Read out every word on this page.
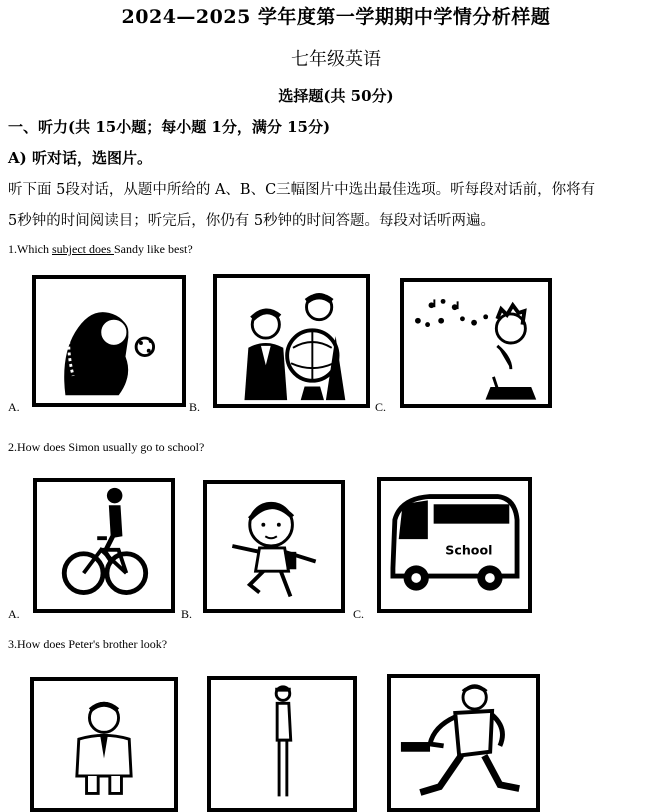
2024—2025 学年度第一学期期中学情分析样题
七年级英语
选择题(共 50分)
一、听力(共 15小题；每小题 1分，满分 15分)
A) 听对话，选图片。
听下面 5段对话，从题中所给的 A、B、C三幅图片中选出最佳选项。听每段对话前，你将有
5秒钟的时间阅读目；听完后，你仍有 5秒钟的时间答题。每段对话听两遍。
1.Which subject does Sandy like best?
A.	B.	C.
2.How does Simon usually go to school?
A.	B.
School
C.
3.How does Peter's brother look?
